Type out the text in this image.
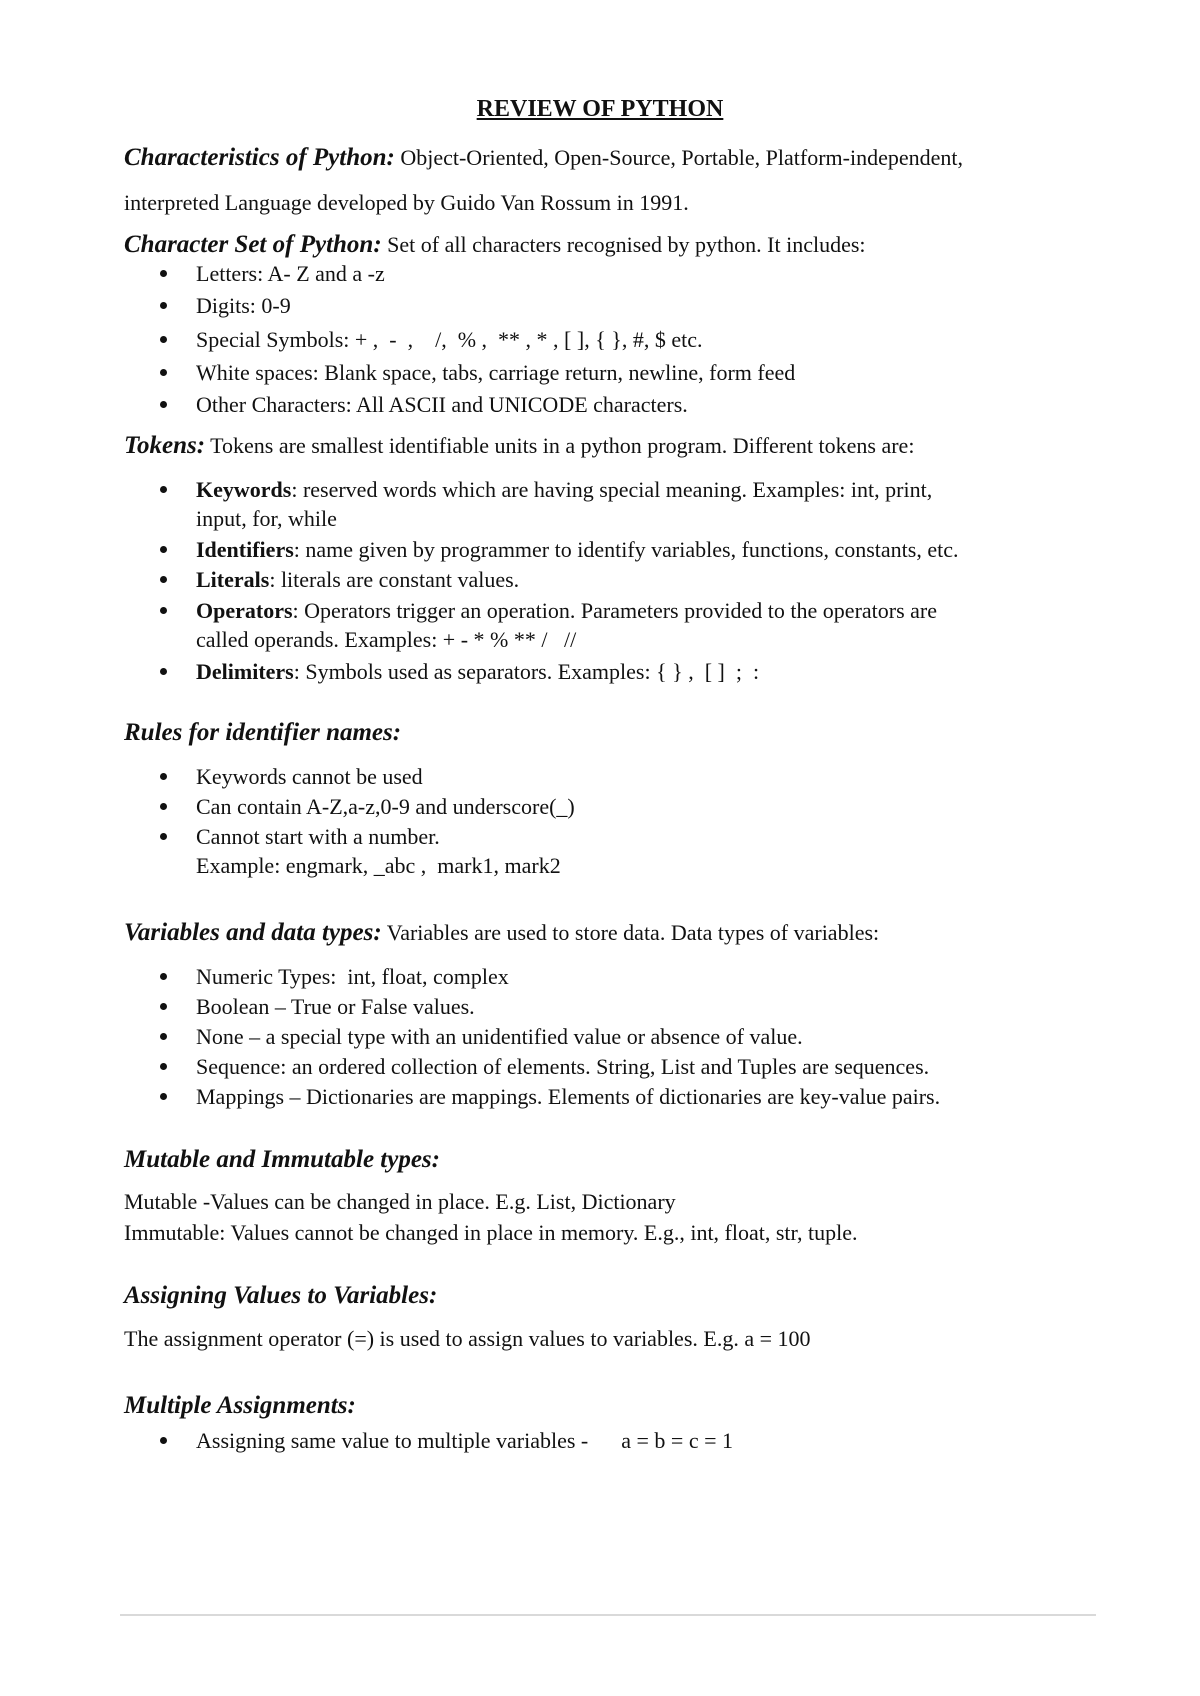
REVIEW OF PYTHON
Characteristics of Python: Object-Oriented, Open-Source, Portable, Platform-independent,
interpreted Language developed by Guido Van Rossum in 1991.
Character Set of Python: Set of all characters recognised by python. It includes:
Letters: A- Z and a -z
Digits: 0-9
Special Symbols: + ,  -  ,    /,  % ,  ** , * , [ ], { }, #, $ etc.
White spaces: Blank space, tabs, carriage return, newline, form feed
Other Characters: All ASCII and UNICODE characters.
Tokens: Tokens are smallest identifiable units in a python program. Different tokens are:
Keywords: reserved words which are having special meaning. Examples: int, print,
input, for, while
Identifiers: name given by programmer to identify variables, functions, constants, etc.
Literals: literals are constant values.
Operators: Operators trigger an operation. Parameters provided to the operators are
called operands. Examples: + - * % ** /   //
Delimiters: Symbols used as separators. Examples: { } ,  [ ]  ;  :
Rules for identifier names:
Keywords cannot be used
Can contain A-Z,a-z,0-9 and underscore(_)
Cannot start with a number.
Example: engmark, _abc ,  mark1, mark2
Variables and data types: Variables are used to store data. Data types of variables:
Numeric Types:  int, float, complex
Boolean – True or False values.
None – a special type with an unidentified value or absence of value.
Sequence: an ordered collection of elements. String, List and Tuples are sequences.
Mappings – Dictionaries are mappings. Elements of dictionaries are key-value pairs.
Mutable and Immutable types:
Mutable -Values can be changed in place. E.g. List, Dictionary
Immutable: Values cannot be changed in place in memory. E.g., int, float, str, tuple.
Assigning Values to Variables:
The assignment operator (=) is used to assign values to variables. E.g. a = 100
Multiple Assignments:
Assigning same value to multiple variables -      a = b = c = 1
